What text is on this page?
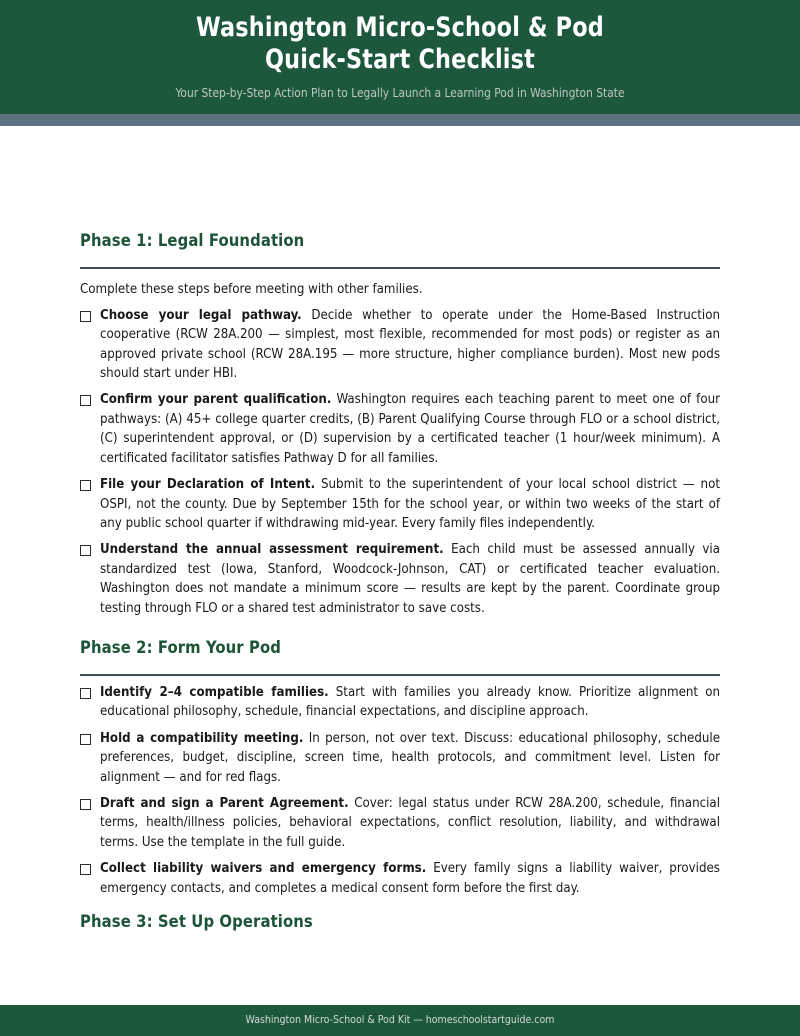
Washington Micro-School & Pod
Quick-Start Checklist
Your Step-by-Step Action Plan to Legally Launch a Learning Pod in Washington State
Phase 1: Legal Foundation

Complete these steps before meeting with other families.

Choose your legal pathway. Decide whether to operate under the Home-Based Instruction cooperative (RCW 28A.200 — simplest, most flexible, recommended for most pods) or register as an approved private school (RCW 28A.195 — more structure, higher compliance burden). Most new pods should start under HBI.
Confirm your parent qualification. Washington requires each teaching parent to meet one of four pathways: (A) 45+ college quarter credits, (B) Parent Qualifying Course through FLO or a school district, (C) superintendent approval, or (D) supervision by a certificated teacher (1 hour/week minimum). A certificated facilitator satisfies Pathway D for all families.
File your Declaration of Intent. Submit to the superintendent of your local school district — not OSPI, not the county. Due by September 15th for the school year, or within two weeks of the start of any public school quarter if withdrawing mid-year. Every family files independently.
Understand the annual assessment requirement. Each child must be assessed annually via standardized test (Iowa, Stanford, Woodcock-Johnson, CAT) or certificated teacher evaluation. Washington does not mandate a minimum score — results are kept by the parent. Coordinate group testing through FLO or a shared test administrator to save costs.
Phase 2: Form Your Pod
Identify 2–4 compatible families. Start with families you already know. Prioritize alignment on educational philosophy, schedule, financial expectations, and discipline approach.
Hold a compatibility meeting. In person, not over text. Discuss: educational philosophy, schedule preferences, budget, discipline, screen time, health protocols, and commitment level. Listen for alignment — and for red flags.
Draft and sign a Parent Agreement. Cover: legal status under RCW 28A.200, schedule, financial terms, health/illness policies, behavioral expectations, conflict resolution, liability, and withdrawal terms. Use the template in the full guide.
Collect liability waivers and emergency forms. Every family signs a liability waiver, provides emergency contacts, and completes a medical consent form before the first day.
Phase 3: Set Up Operations
Washington Micro-School & Pod Kit — homeschoolstartguide.com
